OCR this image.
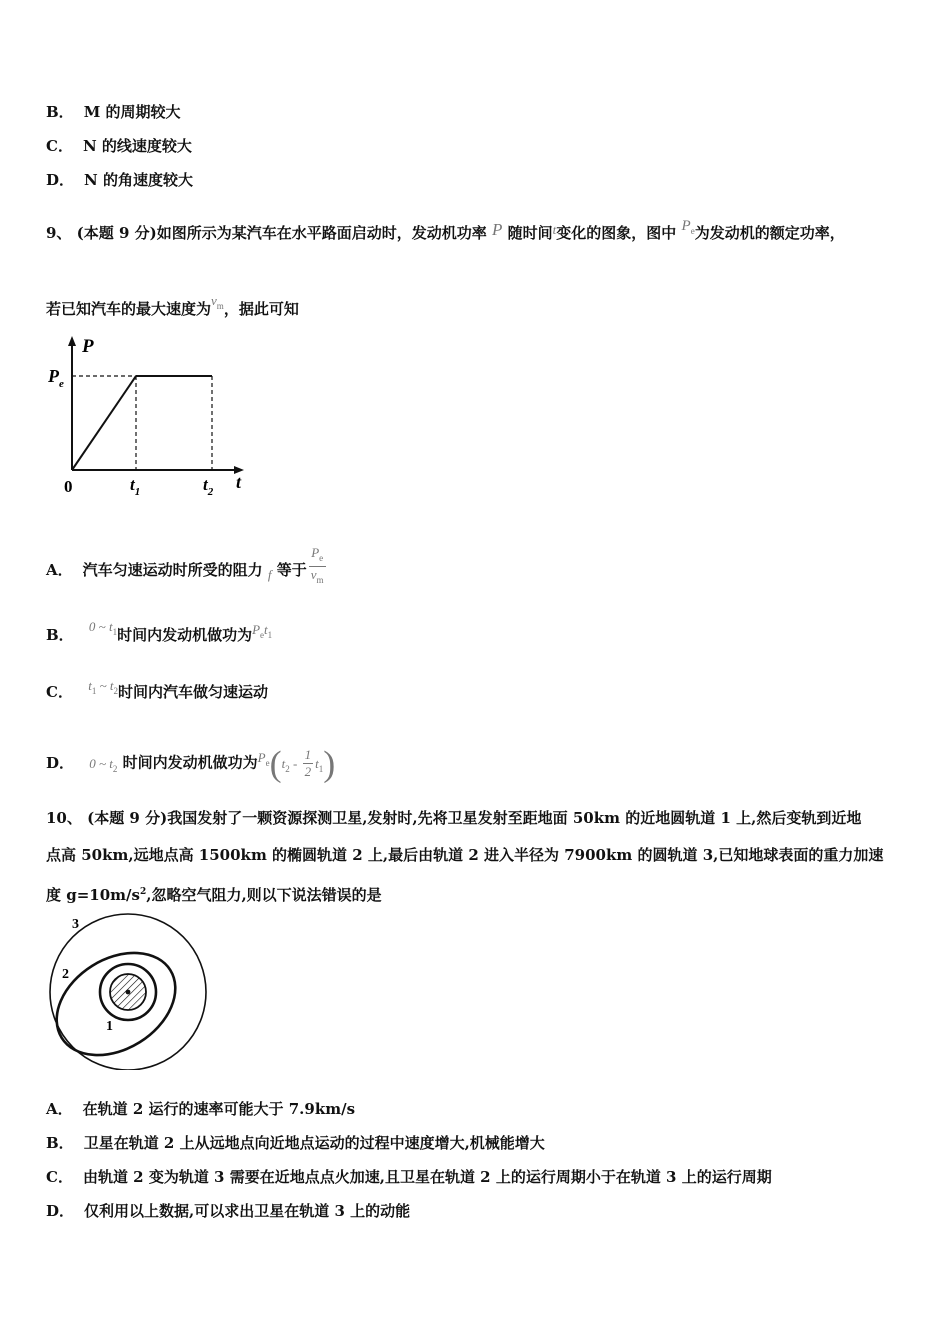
B． M 的周期较大
C． N 的线速度较大
D． N 的角速度较大
9、 (本题 9 分)如图所示为某汽车在水平路面启动时，发动机功率 P 随时间t变化的图象，图中 $P_e$为发动机的额定功率，
若已知汽车的最大速度为$v_m$，据此可知
P
$P_e$
0	$t_1$	$t_2$ t
A． 汽车匀速运动时所受的阻力 f 等于 $\frac{P_e}{v_m}$
B． 0 ~ $t_1$时间内发动机做功为$P_et_1$
C． $t_1$ ~ $t_2$时间内汽车做匀速运动
D． 0 ~ $t_2$ 时间内发动机做功为$P_e(t_2 - \frac{1}{2} t_1)$
10、 (本题 9 分)我国发射了一颗资源探测卫星,发射时,先将卫星发射至距地面 50km 的近地圆轨道 1 上,然后变轨到近地
点高 50km,远地点高 1500km 的椭圆轨道 2 上,最后由轨道 2 进入半径为 7900km 的圆轨道 3,已知地球表面的重力加速
度 $g=10m/s^2$,忽略空气阻力,则以下说法错误的是
3
2
1
A． 在轨道 2 运行的速率可能大于 7.9km/s
B． 卫星在轨道 2 上从远地点向近地点运动的过程中速度增大,机械能增大
C． 由轨道 2 变为轨道 3 需要在近地点点火加速,且卫星在轨道 2 上的运行周期小于在轨道 3 上的运行周期
D． 仅利用以上数据,可以求出卫星在轨道 3 上的动能
